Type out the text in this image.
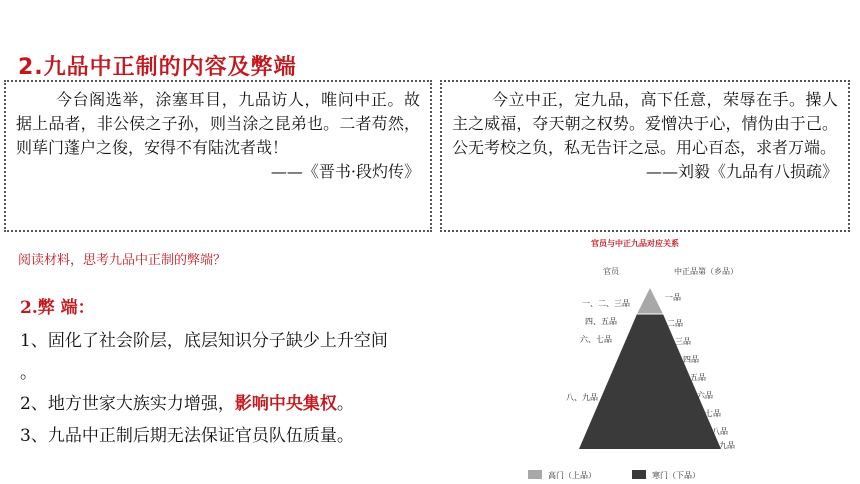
2.九品中正制的内容及弊端

今台阁选举，涂塞耳目，九品访人，唯问中正。故据上品者，非公侯之子孙，则当涂之昆弟也。二者苟然，则荜门蓬户之俊，安得不有陆沈者哉！

——《晋书·段灼传》

今立中正，定九品，高下任意，荣辱在手。操人主之威福，夺天朝之权势。爱憎决于心，情伪由于己。公无考校之负，私无告讦之忌。用心百态，求者万端。

——刘毅《九品有八损疏》

阅读材料，思考九品中正制的弊端？
2.弊 端：
1、固化了社会阶层，底层知识分子缺少上升空间
。
2、地方世家大族实力增强，影响中央集权。
3、九品中正制后期无法保证官员队伍质量。
官员与中正九品对应关系
官员	中正品第（乡品）
一、二、三品
四、五品
六、七品
八、九品
一品
二品
三品
四品
五品
六品
七品
八品
九品
高门（上品）	寒门（下品）
